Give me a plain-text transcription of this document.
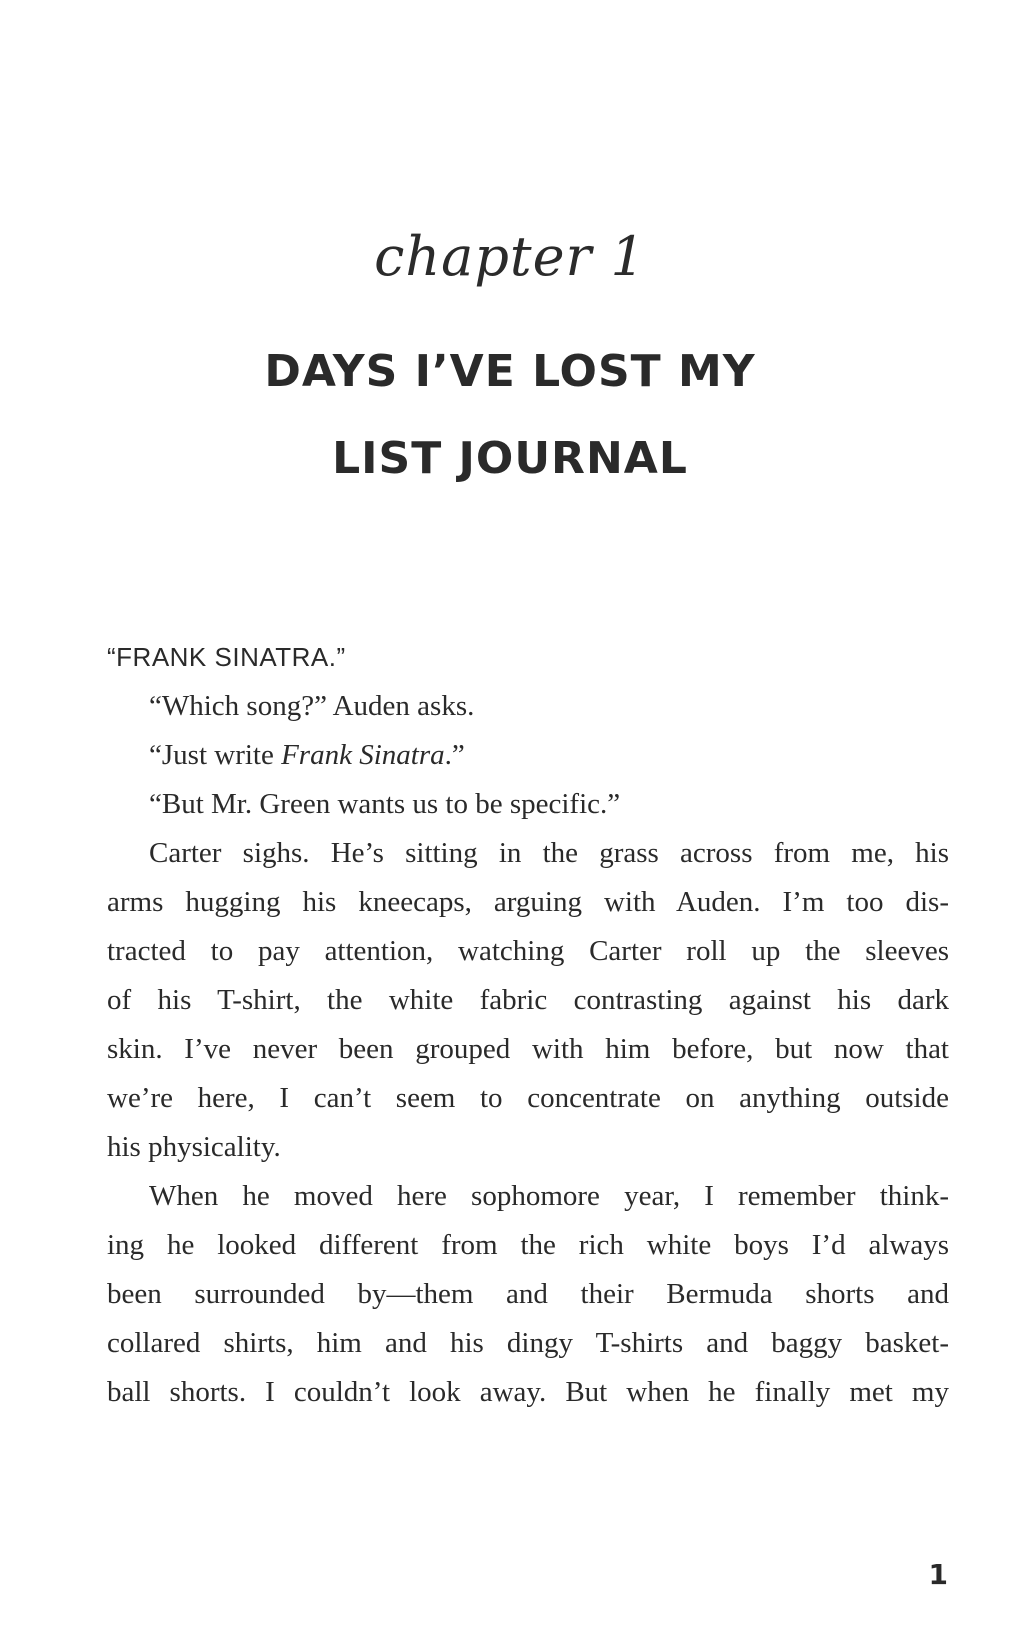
chapter 1
DAYS I’VE LOST MY
LIST JOURNAL
“FRANK SINATRA.”
“Which song?” Auden asks.
“Just write Frank Sinatra.”
“But Mr. Green wants us to be specific.”
Carter sighs. He’s sitting in the grass across from me, his
arms hugging his kneecaps, arguing with Auden. I’m too dis-
tracted to pay attention, watching Carter roll up the sleeves
of his T-shirt, the white fabric contrasting against his dark
skin. I’ve never been grouped with him before, but now that
we’re here, I can’t seem to concentrate on anything outside
his physicality.
When he moved here sophomore year, I remember think-
ing he looked different from the rich white boys I’d always
been surrounded by—them and their Bermuda shorts and
collared shirts, him and his dingy T-shirts and baggy basket-
ball shorts. I couldn’t look away. But when he finally met my
1
